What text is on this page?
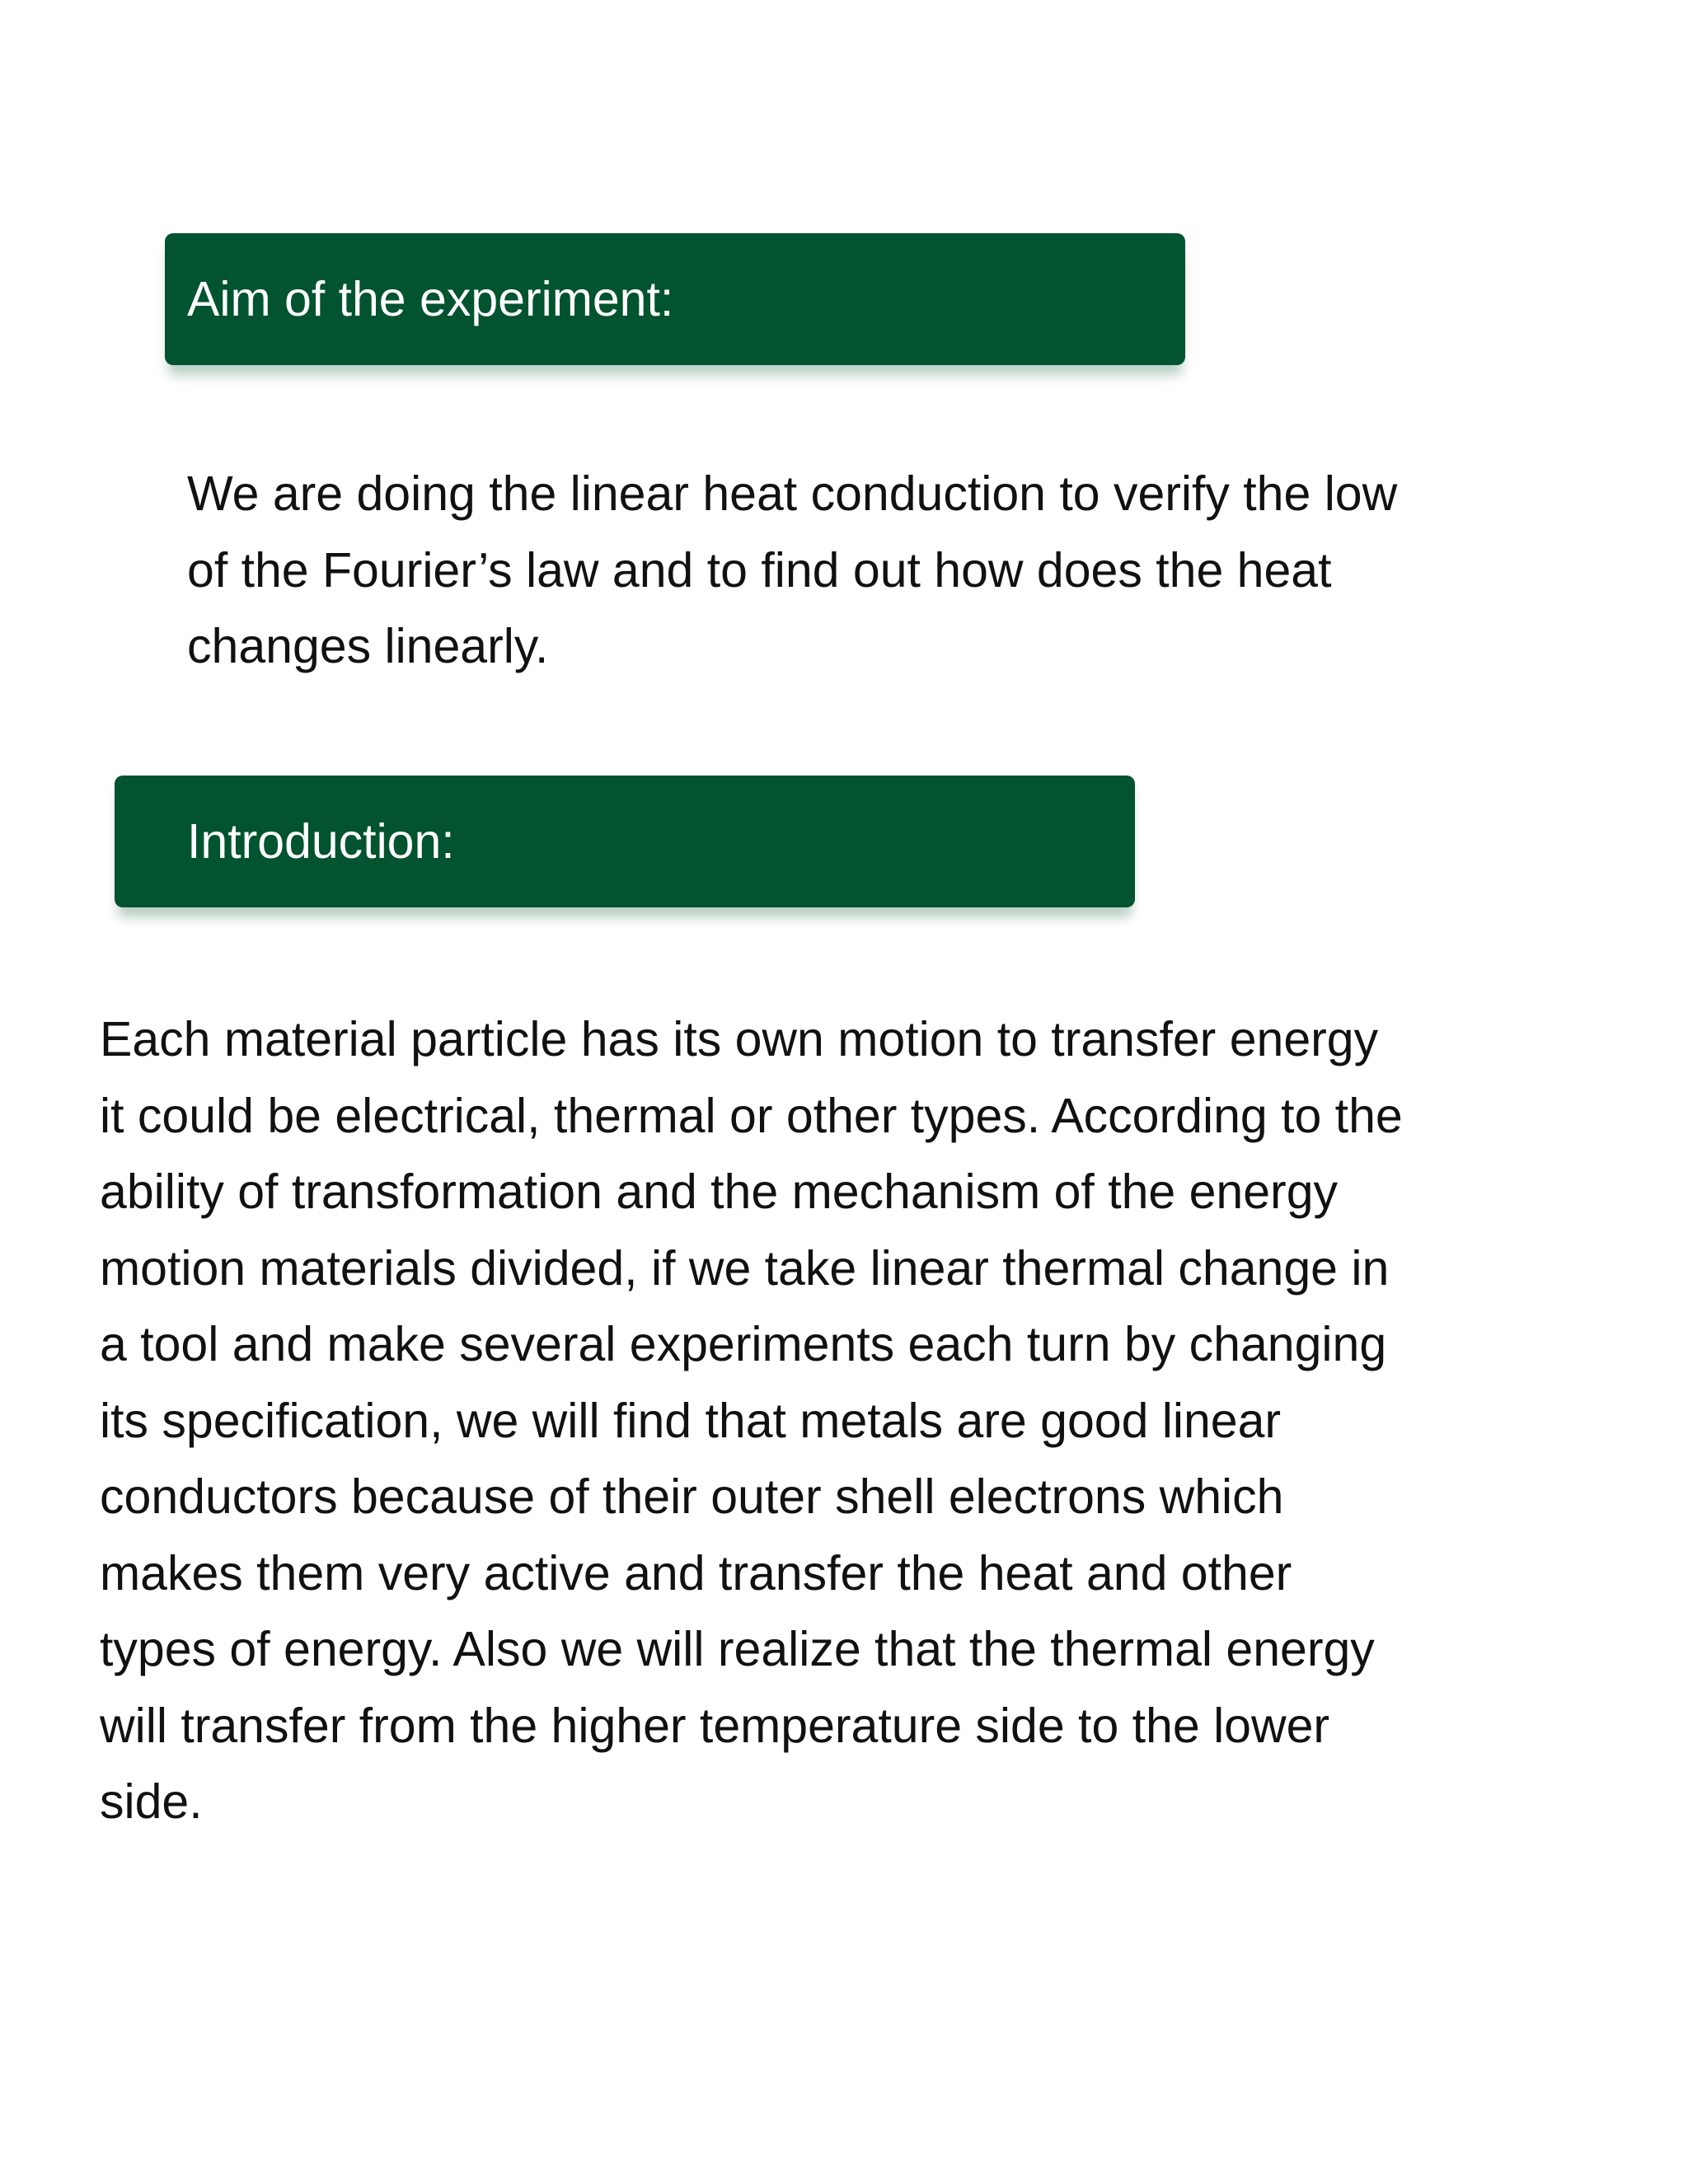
Aim of the experiment:

We are doing the linear heat conduction to verify the low
of the Fourier’s law and to find out how does the heat
changes linearly.

Introduction:

Each material particle has its own motion to transfer energy
it could be electrical, thermal or other types. According to the
ability of transformation and the mechanism of the energy
motion materials divided, if we take linear thermal change in
a tool and make several experiments each turn by changing
its specification, we will find that metals are good linear
conductors because of their outer shell electrons which
makes them very active and transfer the heat and other
types of energy. Also we will realize that the thermal energy
will transfer from the higher temperature side to the lower
side.
